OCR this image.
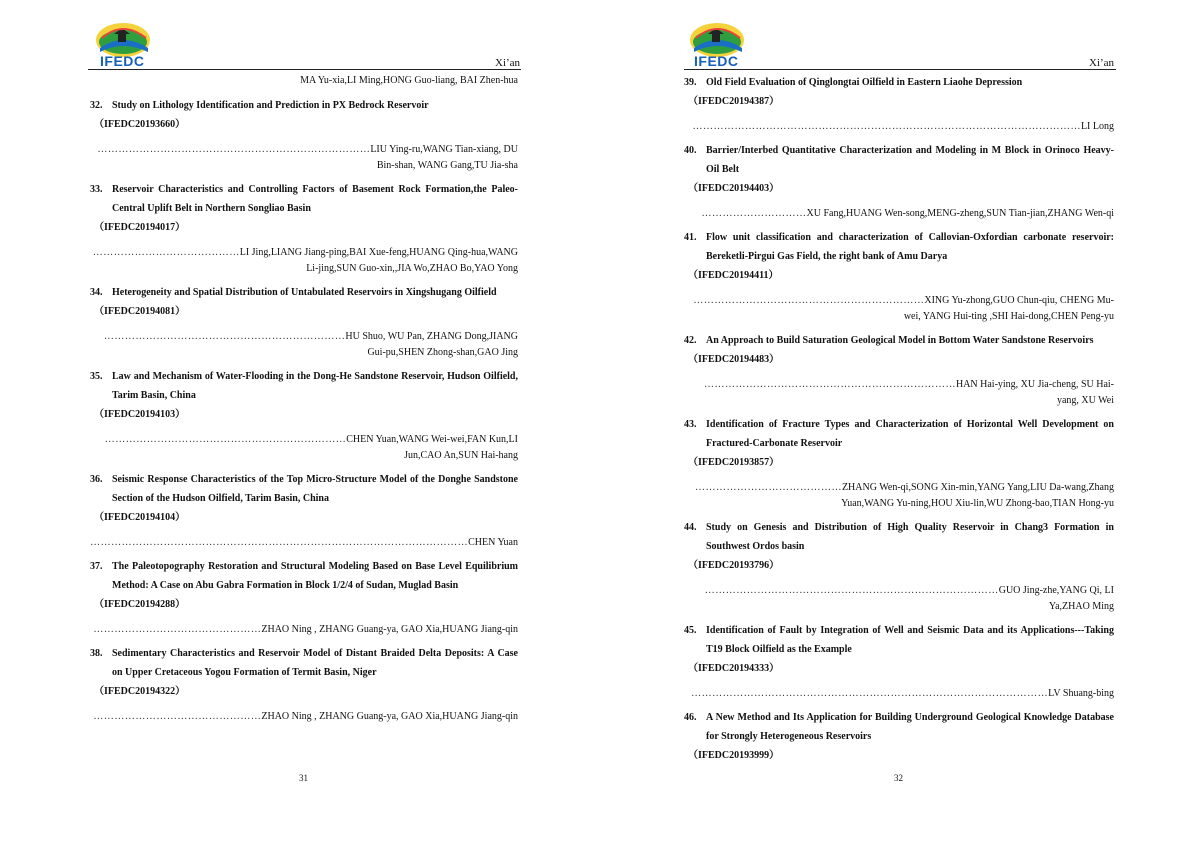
IFEDC	Xi’an
MA Yu-xia,LI Ming,HONG Guo-liang, BAI Zhen-hua
32. Study on Lithology Identification and Prediction in PX Bedrock Reservoir
（IFEDC20193660）
……………………………………………………………………LIU Ying-ru,WANG Tian-xiang, DU Bin-shan, WANG Gang,TU Jia-sha
33. Reservoir Characteristics and Controlling Factors of Basement Rock Formation,the Paleo-Central Uplift Belt in Northern Songliao Basin
（IFEDC20194017）
……………………………………LI Jing,LIANG Jiang-ping,BAI Xue-feng,HUANG Qing-hua,WANG Li-jing,SUN Guo-xin,,JIA Wo,ZHAO Bo,YAO Yong
34. Heterogeneity and Spatial Distribution of Untabulated Reservoirs in Xingshugang Oilfield
（IFEDC20194081）
……………………………………………………………HU Shuo, WU Pan, ZHANG Dong,JIANG Gui-pu,SHEN Zhong-shan,GAO Jing
35. Law and Mechanism of Water-Flooding in the Dong-He Sandstone Reservoir, Hudson Oilfield, Tarim Basin, China
（IFEDC20194103）
……………………………………………………………CHEN Yuan,WANG Wei-wei,FAN Kun,LI Jun,CAO An,SUN Hai-hang
36. Seismic Response Characteristics of the Top Micro-Structure Model of the Donghe Sandstone Section of the Hudson Oilfield, Tarim Basin, China
（IFEDC20194104）
………………………………………………………………………………………………CHEN Yuan
37. The Paleotopography Restoration and Structural Modeling Based on Base Level Equilibrium Method: A Case on Abu Gabra Formation in Block 1/2/4 of Sudan, Muglad Basin
（IFEDC20194288）
…………………………………………ZHAO Ning , ZHANG Guang-ya, GAO Xia,HUANG Jiang-qin
38. Sedimentary Characteristics and Reservoir Model of Distant Braided Delta Deposits: A Case on Upper Cretaceous Yogou Formation of Termit Basin, Niger
（IFEDC20194322）
…………………………………………ZHAO Ning , ZHANG Guang-ya, GAO Xia,HUANG Jiang-qin
31
IFEDC	Xi’an
39. Old Field Evaluation of Qinglongtai Oilfield in Eastern Liaohe Depression
（IFEDC20194387）
…………………………………………………………………………………………………LI Long
40. Barrier/Interbed Quantitative Characterization and Modeling in M Block in Orinoco Heavy-Oil Belt
（IFEDC20194403）
…………………………XU Fang,HUANG Wen-song,MENG-zheng,SUN Tian-jian,ZHANG Wen-qi
41. Flow unit classification and characterization of Callovian-Oxfordian carbonate reservoir: Bereketli-Pirgui Gas Field, the right bank of Amu Darya
（IFEDC20194411）
…………………………………………………………XING Yu-zhong,GUO Chun-qiu, CHENG Mu-wei, YANG Hui-ting ,SHI Hai-dong,CHEN Peng-yu
42. An Approach to Build Saturation Geological Model in Bottom Water Sandstone Reservoirs
（IFEDC20194483）
………………………………………………………………HAN Hai-ying, XU Jia-cheng, SU Hai-yang, XU Wei
43. Identification of Fracture Types and Characterization of Horizontal Well Development on Fractured-Carbonate Reservoir
（IFEDC20193857）
……………………………………ZHANG Wen-qi,SONG Xin-min,YANG Yang,LIU Da-wang,Zhang Yuan,WANG Yu-ning,HOU Xiu-lin,WU Zhong-bao,TIAN Hong-yu
44. Study on Genesis and Distribution of High Quality Reservoir in Chang3 Formation in Southwest Ordos basin
（IFEDC20193796）
…………………………………………………………………………GUO Jing-zhe,YANG Qi, LI Ya,ZHAO Ming
45. Identification of Fault by Integration of Well and Seismic Data and its Applications---Taking T19 Block Oilfield as the Example
（IFEDC20194333）
…………………………………………………………………………………………LV Shuang-bing
46. A New Method and Its Application for Building Underground Geological Knowledge Database for Strongly Heterogeneous Reservoirs
（IFEDC20193999）
32
